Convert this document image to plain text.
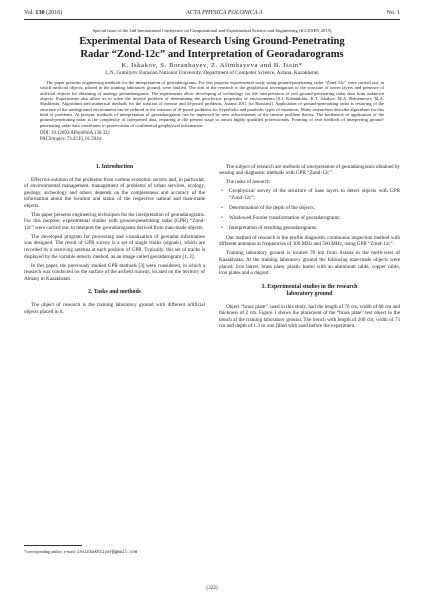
Vol. 130 (2016)	ACTA PHYSICA POLONICA A	No. 1
Special issue of the 2nd International Conference on Computational and Experimental Science and Engineering (ICCESEN 2015)
Experimental Data of Research Using Ground-Penetrating
Radar “Zond-12c” and Interpretation of Georadarograms
K. Iskakov, S. Boranbayev, Z. Alimbayeva and B. Issin*
L.N. Gumilyov Eurasian National University, Department of Computer Science, Astana, Kazakhstan
The paper presents engineering methods for the interpretation of georadarograms. For this purpose experimental study using ground-penetrating radar “Zond-12c” were carried out, in which artificial objects, placed in the training laboratory ground, were studied. The aim of the research is the geophysical investigation of the structure of lower layers and presence of artificial objects for obtaining of analogy georadarograms. The experiments allow developing of technology for the interpretation of real ground-penetrating radar data from unknown objects. Experiments also allow us to solve the inverse problem of determining the geoelectric properties of environments [S.I. Kabanikhin, K.T. Iskakov, M.A. Bektemesov, M.A. Shishlenin, Algorithms and numerical methods for the solution of inverse and ill-posed problems, Astana 2011 (in Russian)]. Application of ground-penetrating radar is restoring of the structure of the underground environment can be reduced to the solution of ill-posed problems for hyperbolic and parabolic types of equations. Many researchers describe algorithms for this kind of problems. At present, methods of interpretation of georadarograms can be improved by new achievements of the inverse problem theory. The bottleneck of application of the ground-penetrating radar is the complexity of interpreted data, requiring at the present stage to attract highly qualified professionals. Forming of own methods of interpreting ground-penetrating radar data contributes to preservation of confidential geophysical information.
DOI: 10.12693/APhysPolA.130.322
PACS/topics: 73.43.Fj, 01.50.hv
1. Introduction

Effective solution of the problems from various economic sectors and, in particular, of environmental management, management of problems of urban services, ecology, geology, archeology and others depends on the completeness and accuracy of the information about the location and status of the respective natural and man-made objects.

This paper presents engineering techniques for the interpretation of georadarograms. For this purpose, experimental studies with ground-penetrating radar (GPR) “Zond-12c” were carried out, to interpret the georadarograms derived from man-made objects.

The developed program for processing and visualization of georadar information was designed. The result of GPR survey is a set of single tracks (signals), which are recorded by a receiving antenna at each position of GPR. Typically, this set of tracks is displayed by the variable density method, as an image called georadarogram [1, 2].

In this paper, the previously studied GPR methods [3] were considered, in which a research was conducted on the surface of the airfield runway, located on the territory of Almaty in Kazakhstan.

2. Tasks and methods

The object of research is the training laboratory ground with different artificial objects placed in it.

The subject of research are methods of interpretation of georadarograms obtained by sensing and diagnostic methods with GPR “Zond-12c”.

The tasks of research:

• Geophysical survey of the structure of base layers to detect objects with GPR “Zond-12c”;
• Determination of the depth of the objects;
• Windowed Fourier transformation of georadarograms;
• Interpretation of resulting georadarograms.

Our method of research is the profile diagnostic continuous inspection method with different antennas at frequencies of 300 MHz and 500 MHz, using GPR “Zond-12c”.

Training laboratory ground is located 76 km from Astana in the north-west of Kazakhstan. At the training laboratory ground the following man-made objects were placed: iron barrel, brass plate, plastic barrel with an aluminum cable, copper cable, iron plates and a dugout.

3. Experimental studies in the research
laboratory ground

Object “brass plate”, used in this study, had the length of 70 cm, width of 60 cm and thickness of 2 cm. Figure 1 shows the placement of the “brass plate” test object in the trench at the training laboratory ground. The trench with length of 200 cm, width of 73 cm and depth of 1.3 m was filled with sand before the experiment.

*corresponding author; e-mail: issinbakhtiyar@gmail.com
(322)
